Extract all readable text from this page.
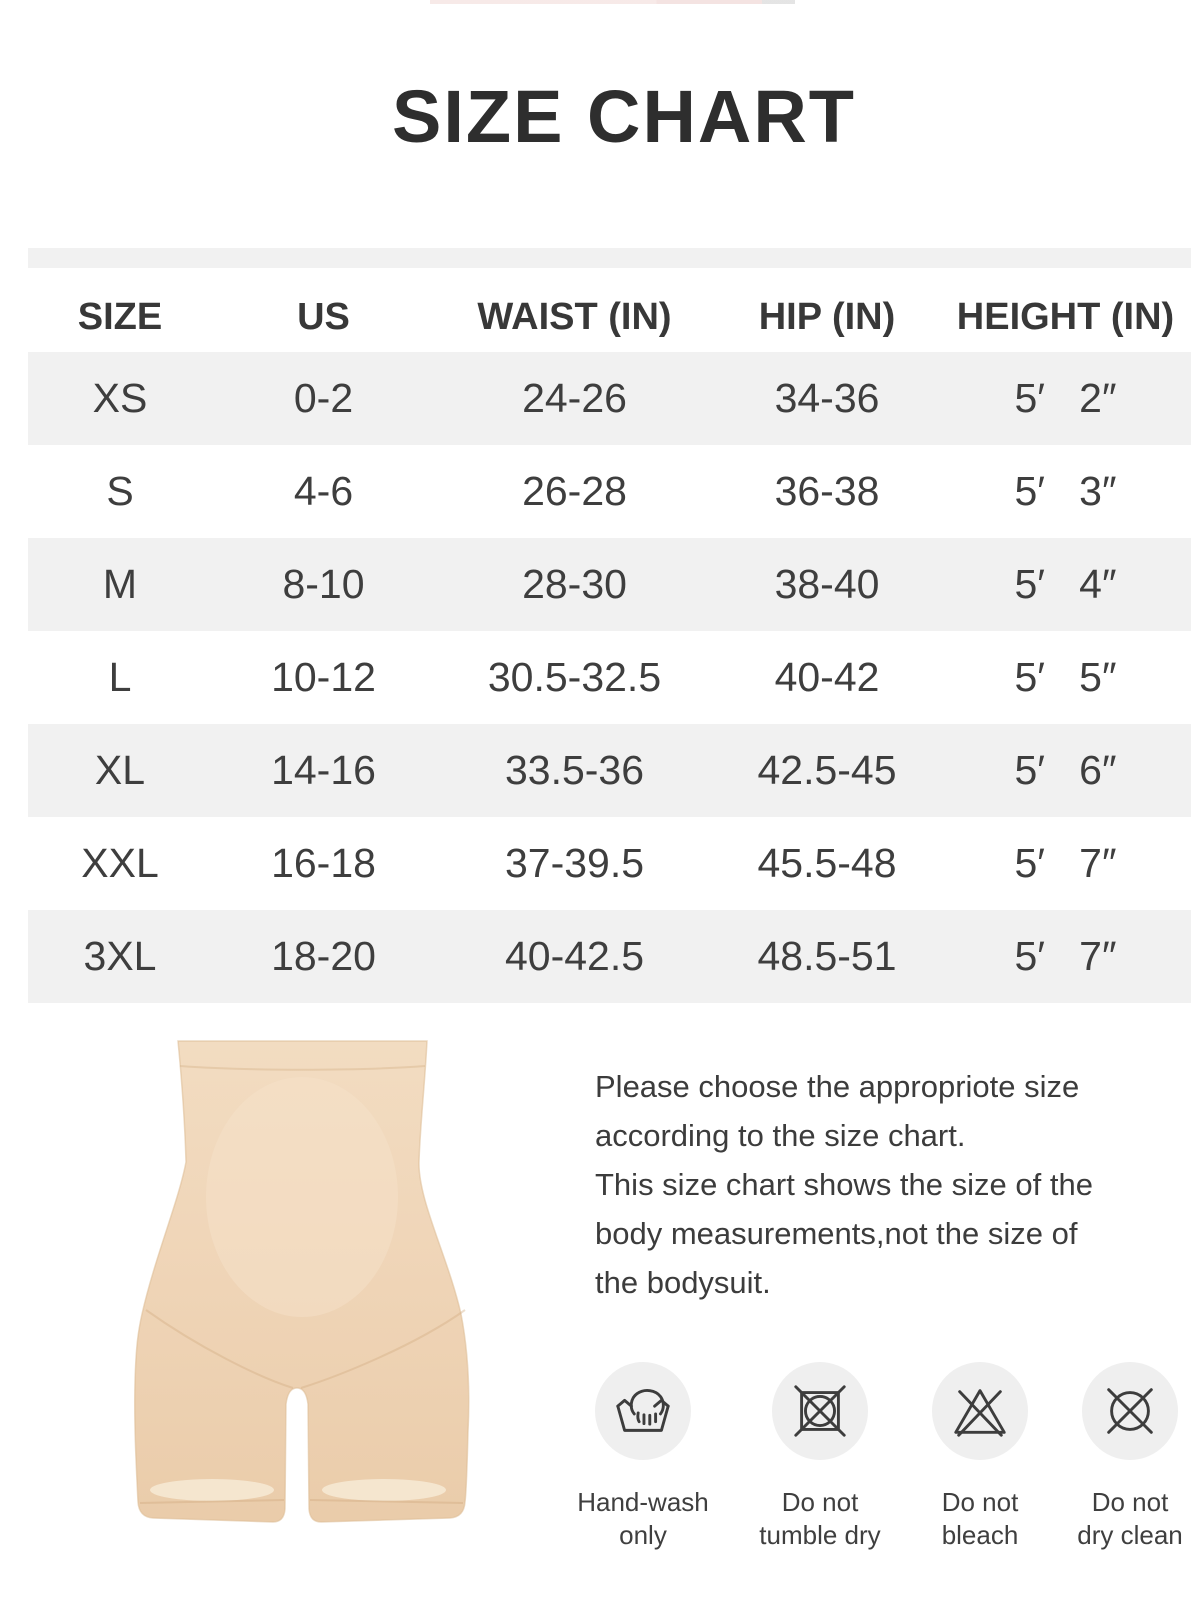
SIZE CHART
SIZE	US	WAIST (IN)	HIP (IN)	HEIGHT (IN)
XS	0-2	24-26	34-36	5′   2″
S	4-6	26-28	36-38	5′   3″
M	8-10	28-30	38-40	5′   4″
L	10-12	30.5-32.5	40-42	5′   5″
XL	14-16	33.5-36	42.5-45	5′   6″
XXL	16-18	37-39.5	45.5-48	5′   7″
3XL	18-20	40-42.5	48.5-51	5′   7″
Please choose the appropriote size
according to the size chart.
This size chart shows the size of the
body measurements,not the size of
the bodysuit.
Hand-wash
only
Do not
tumble dry
Do not
bleach
Do not
dry clean
